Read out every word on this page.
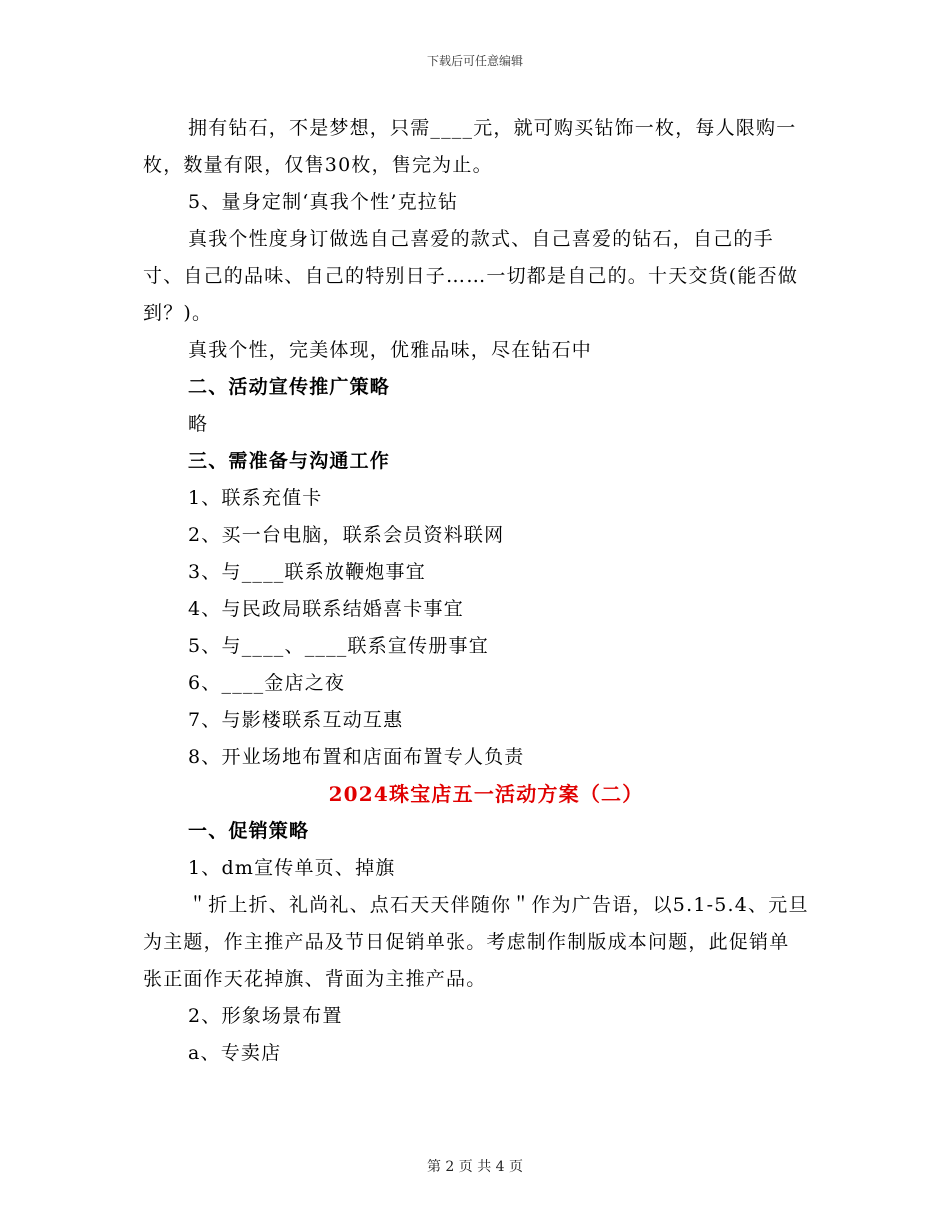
下载后可任意编辑

拥有钻石，不是梦想，只需____元，就可购买钻饰一枚，每人限购一枚，数量有限，仅售30枚，售完为止。

5、量身定制‘真我个性’克拉钻

真我个性度身订做选自己喜爱的款式、自己喜爱的钻石，自己的手寸、自己的品味、自己的特别日子……一切都是自己的。十天交货(能否做到？)。

真我个性，完美体现，优雅品味，尽在钻石中

二、活动宣传推广策略

略

三、需准备与沟通工作

1、联系充值卡

2、买一台电脑，联系会员资料联网

3、与____联系放鞭炮事宜

4、与民政局联系结婚喜卡事宜

5、与____、____联系宣传册事宜

6、____金店之夜

7、与影楼联系互动互惠

8、开业场地布置和店面布置专人负责

2024珠宝店五一活动方案（二）

一、促销策略

1、dm宣传单页、掉旗

＂折上折、礼尚礼、点石天天伴随你＂作为广告语，以5.1-5.4、元旦为主题，作主推产品及节日促销单张。考虑制作制版成本问题，此促销单张正面作天花掉旗、背面为主推产品。

2、形象场景布置

a、专卖店

第 2 页 共 4 页
